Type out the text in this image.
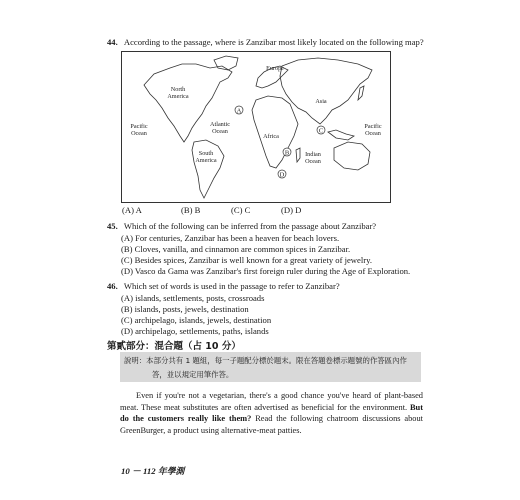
44. According to the passage, where is Zanzibar most likely located on the following map?
A
C
B
D
North
America
Europe
Asia
Pacific
Ocean
Atlantic
Ocean
Africa
Pacific
Ocean
South
America
Indian
Ocean
(A) A	(B) B	(C) C	(D) D
45. Which of the following can be inferred from the passage about Zanzibar?
(A) For centuries, Zanzibar has been a heaven for beach lovers.
(B) Cloves, vanilla, and cinnamon are common spices in Zanzibar.
(C) Besides spices, Zanzibar is well known for a great variety of jewelry.
(D) Vasco da Gama was Zanzibar's first foreign ruler during the Age of Exploration.
46. Which set of words is used in the passage to refer to Zanzibar?
(A) islands, settlements, posts, crossroads
(B) islands, posts, jewels, destination
(C) archipelago, islands, jewels, destination
(D) archipelago, settlements, paths, islands
第貳部分：混合題（占 10 分）
說明：本部分共有 1 題組，每一子題配分標於題末。限在答題卷標示題號的作答區內作
答，並以規定用筆作答。
Even if you're not a vegetarian, there's a good chance you've heard of plant-based meat. These meat substitutes are often advertised as beneficial for the environment. But do the customers really like them? Read the following chatroom discussions about GreenBurger, a product using alternative-meat patties.
10 － 112 年學測
